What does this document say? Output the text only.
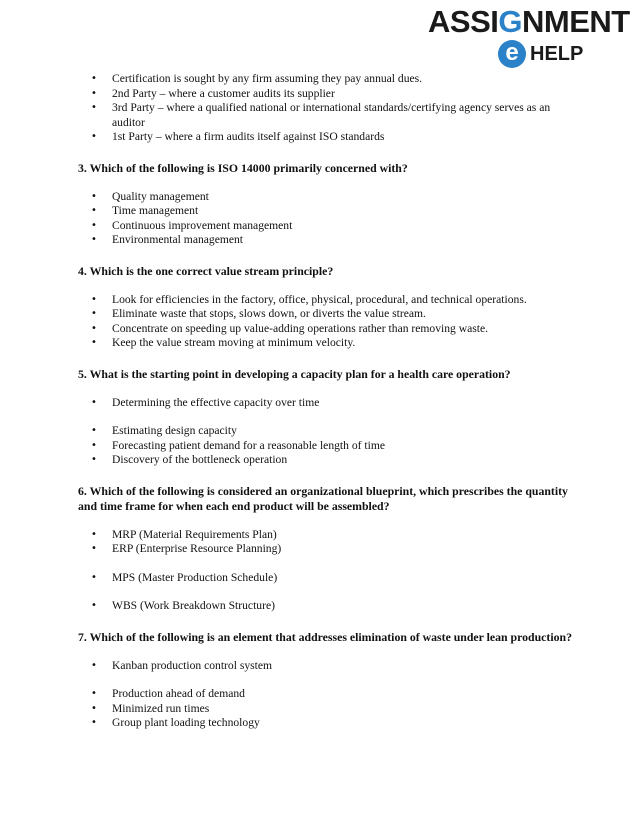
ASSIGNMENT
e HELP
• Certification is sought by any firm assuming they pay annual dues.
• 2nd Party – where a customer audits its supplier
• 3rd Party – where a qualified national or international standards/certifying agency serves as an auditor
• 1st Party – where a firm audits itself against ISO standards
3. Which of the following is ISO 14000 primarily concerned with?
• Quality management
• Time management
• Continuous improvement management
• Environmental management
4. Which is the one correct value stream principle?
• Look for efficiencies in the factory, office, physical, procedural, and technical operations.
• Eliminate waste that stops, slows down, or diverts the value stream.
• Concentrate on speeding up value-adding operations rather than removing waste.
• Keep the value stream moving at minimum velocity.
5. What is the starting point in developing a capacity plan for a health care operation?
• Determining the effective capacity over time
• Estimating design capacity
• Forecasting patient demand for a reasonable length of time
• Discovery of the bottleneck operation
6. Which of the following is considered an organizational blueprint, which prescribes the quantity and time frame for when each end product will be assembled?
• MRP (Material Requirements Plan)
• ERP (Enterprise Resource Planning)
• MPS (Master Production Schedule)
• WBS (Work Breakdown Structure)
7. Which of the following is an element that addresses elimination of waste under lean production?
• Kanban production control system
• Production ahead of demand
• Minimized run times
• Group plant loading technology
